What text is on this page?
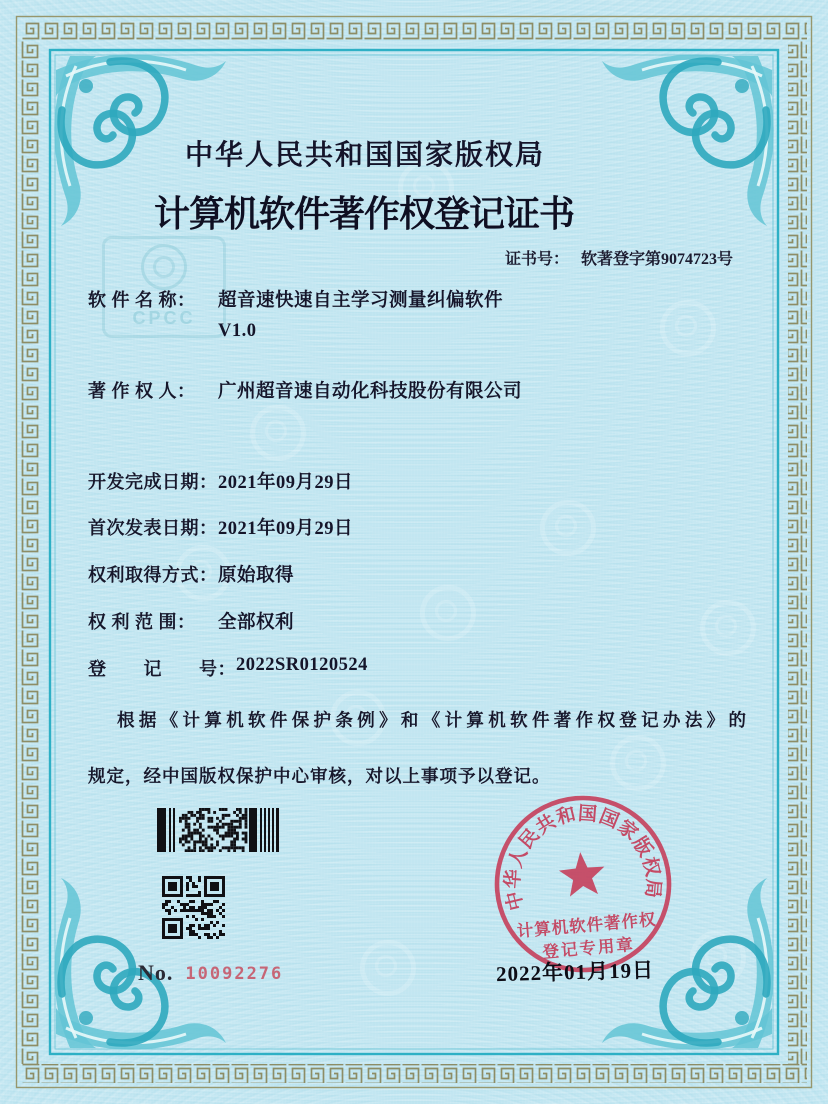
CPCC
中华人民共和国国家版权局
计算机软件著作权登记证书
证书号： 软著登字第9074723号
软 件 名 称：	超音速快速自主学习测量纠偏软件
V1.0
著 作 权 人：	广州超音速自动化科技股份有限公司
开发完成日期： 2021年09月29日
首次发表日期： 2021年09月29日
权利取得方式： 原始取得
权 利 范 围：	全部权利
登　　记　　号： 2022SR0120524
根据《计算机软件保护条例》和《计算机软件著作权登记办法》的
规定，经中国版权保护中心审核，对以上事项予以登记。
No. 10092276
中华人民共和国国家版权局
计算机软件著作权
登记专用章
2022年01月19日
